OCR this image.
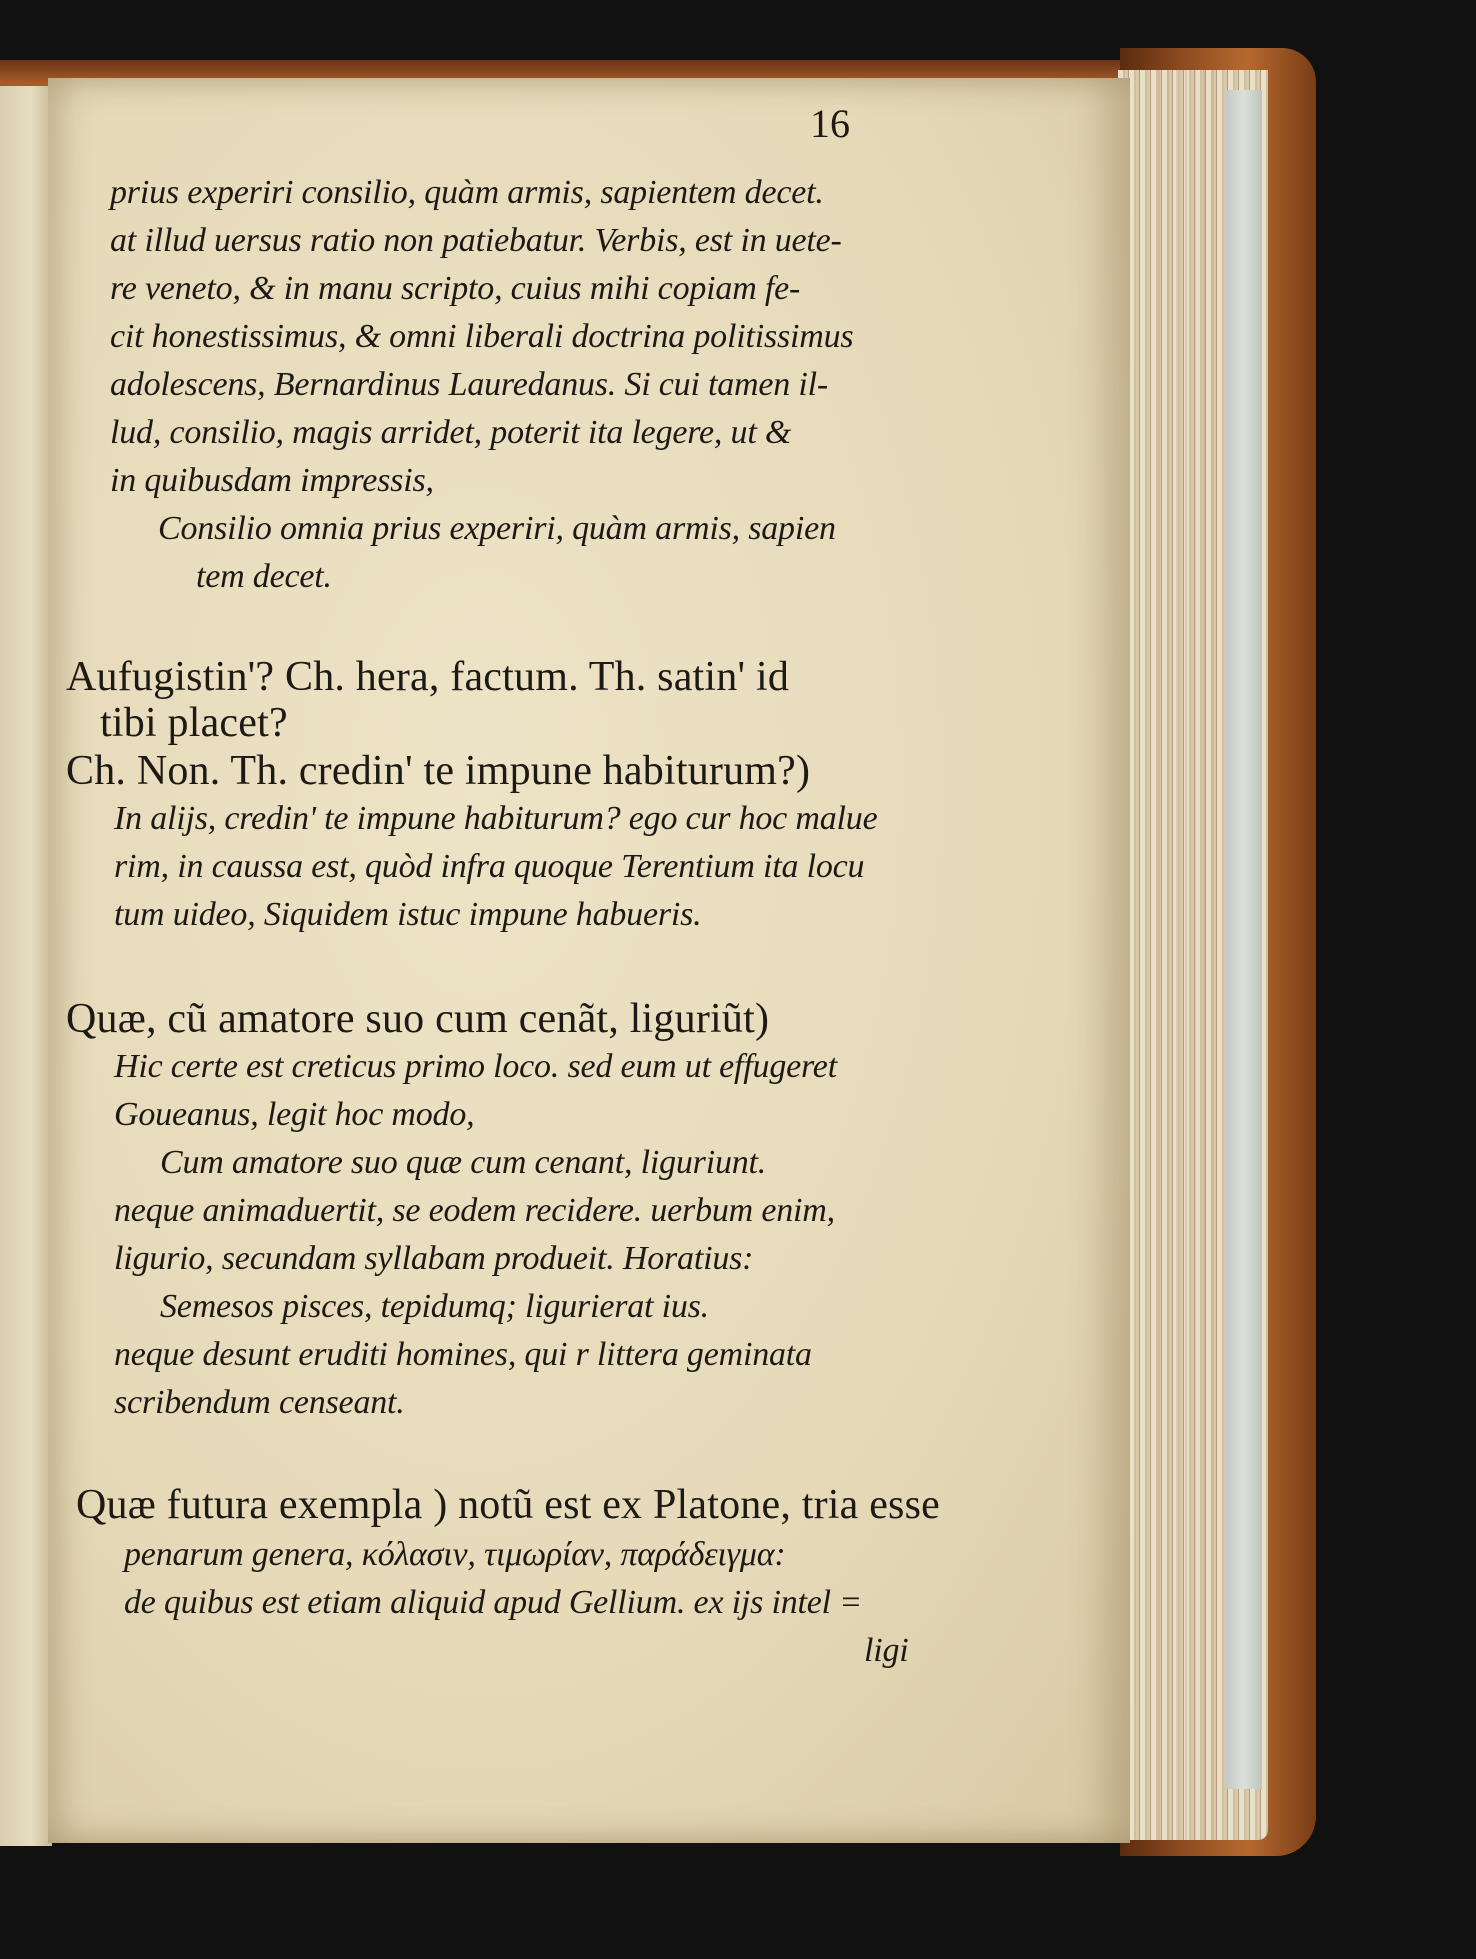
16
prius experiri consilio, quàm armis, sapientem decet.
at illud uersus ratio non patiebatur. Verbis, est in uete-
re veneto, & in manu scripto, cuius mihi copiam fe-
cit honestissimus, & omni liberali doctrina politissimus
adolescens, Bernardinus Lauredanus. Si cui tamen il-
lud, consilio, magis arridet, poterit ita legere, ut &
in quibusdam impressis,
Consilio omnia prius experiri, quàm armis, sapien
tem decet.
Aufugistin'? Ch. hera, factum. Th. satin' id
tibi placet?
Ch. Non. Th. credin' te impune habiturum?)
In alijs, credin' te impune habiturum? ego cur hoc malue
rim, in caussa est, quòd infra quoque Terentium ita locu
tum uideo, Siquidem istuc impune habueris.
Quæ, cũ amatore suo cum cenãt, liguriũt)
Hic certe est creticus primo loco. sed eum ut effugeret
Goueanus, legit hoc modo,
Cum amatore suo quæ cum cenant, liguriunt.
neque animaduertit, se eodem recidere. uerbum enim,
ligurio, secundam syllabam produeit. Horatius:
Semesos pisces, tepidumq; ligurierat ius.
neque desunt eruditi homines, qui r littera geminata
scribendum censeant.
Quæ futura exempla ) notũ est ex Platone, tria esse
penarum genera, κόλασιν, τιμωρίαν, παράδειγμα:
de quibus est etiam aliquid apud Gellium. ex ijs intel =
ligi
